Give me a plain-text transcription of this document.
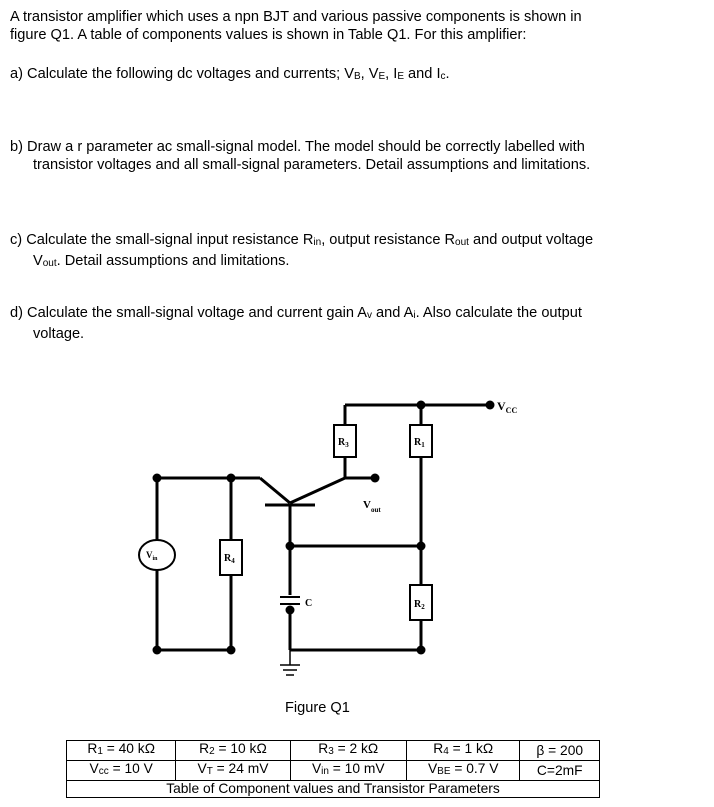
A transistor amplifier which uses a npn BJT and various passive components is shown in
figure Q1. A table of components values is shown in Table Q1. For this amplifier:
a) Calculate the following dc voltages and currents; $V_B$, $V_E$, $I_E$ and $I_c$.
b) Draw a r parameter ac small-signal model. The model should be correctly labelled with
transistor voltages and all small-signal parameters. Detail assumptions and limitations.
c) Calculate the small-signal input resistance $R_{in}$, output resistance $R_{out}$ and output voltage
$V_{out}$. Detail assumptions and limitations.
d) Calculate the small-signal voltage and current gain $A_v$ and $A_i$. Also calculate the output
voltage.
$V_{CC}$
$R_3$	$R_1$
$R_2$
$R_4$
$V_{out}$
$V_{in}$
C
Figure Q1
$R_1 = 40$ kΩ	$R_2 = 10$ kΩ	$R_3 = 2$ kΩ	$R_4 = 1$ kΩ	β = 200
$V_{cc} = 10$ V	$V_T = 24$ mV	$V_{in} = 10$ mV	$V_{BE} = 0.7$ V	C=2mF
Table of Component values and Transistor Parameters				
